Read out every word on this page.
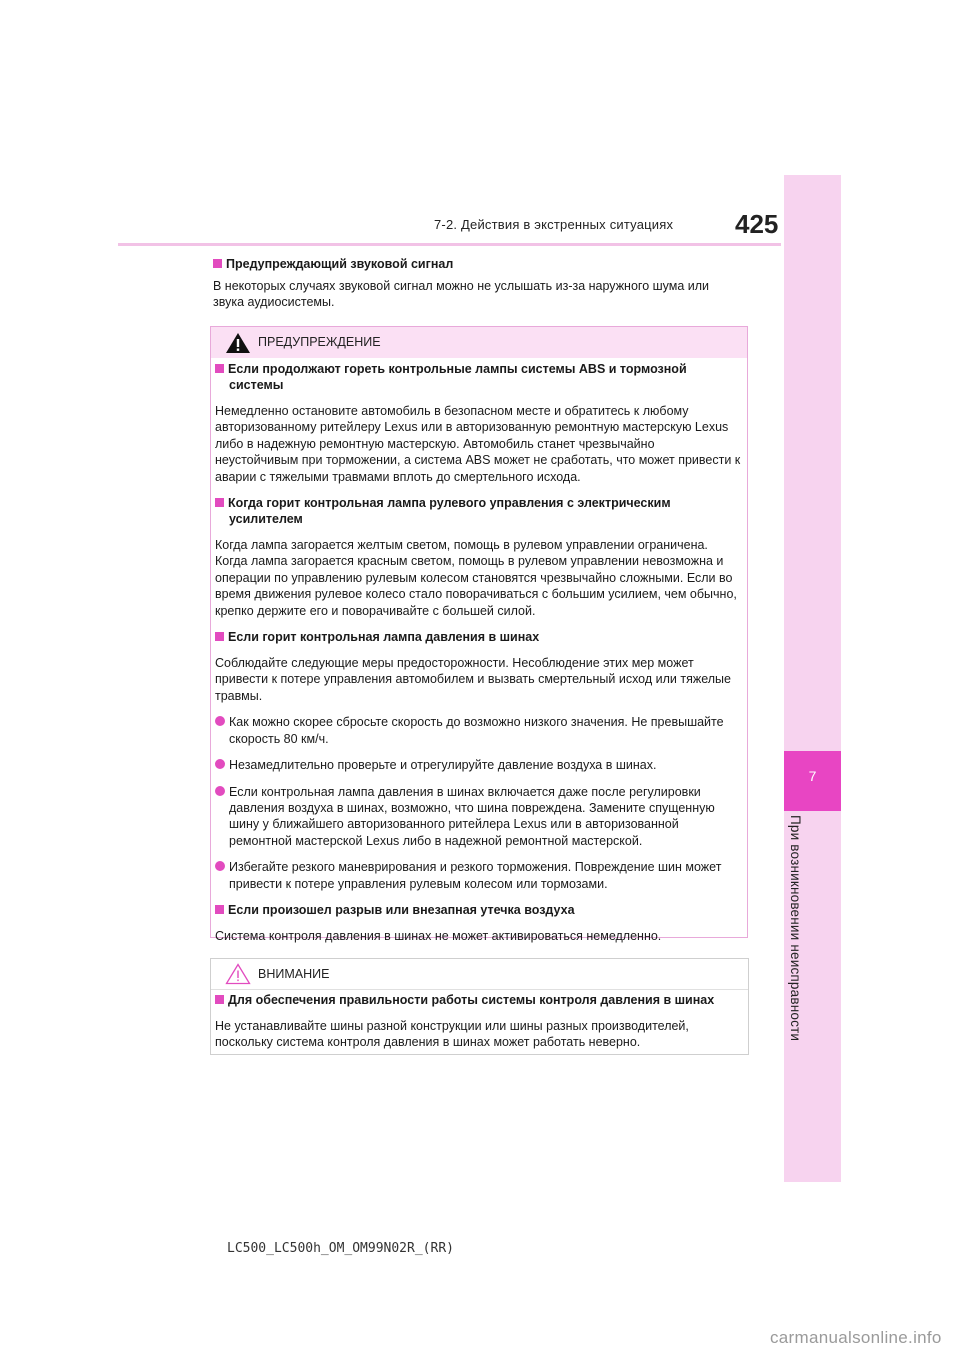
7-2. Действия в экстренных ситуациях 425
7
При возникновении неисправности
Предупреждающий звуковой сигнал
В некоторых случаях звуковой сигнал можно не услышать из-за наружного шума или звука аудиосистемы.
ПРЕДУПРЕЖДЕНИЕ
Если продолжают гореть контрольные лампы системы ABS и тормозной системы
Немедленно остановите автомобиль в безопасном месте и обратитесь к любому авторизованному ритейлеру Lexus или в авторизованную ремонтную мастерскую Lexus либо в надежную ремонтную мастерскую. Автомобиль станет чрезвычайно неустойчивым при торможении, а система ABS может не сработать, что может привести к аварии с тяжелыми травмами вплоть до смертельного исхода.
Когда горит контрольная лампа рулевого управления с электрическим усилителем
Когда лампа загорается желтым светом, помощь в рулевом управлении ограничена. Когда лампа загорается красным светом, помощь в рулевом управлении невозможна и операции по управлению рулевым колесом становятся чрезвычайно сложными. Если во время движения рулевое колесо стало поворачиваться с большим усилием, чем обычно, крепко держите его и поворачивайте с большей силой.
Если горит контрольная лампа давления в шинах
Соблюдайте следующие меры предосторожности. Несоблюдение этих мер может привести к потере управления автомобилем и вызвать смертельный исход или тяжелые травмы.
Как можно скорее сбросьте скорость до возможно низкого значения. Не превышайте скорость 80 км/ч.
Незамедлительно проверьте и отрегулируйте давление воздуха в шинах.
Если контрольная лампа давления в шинах включается даже после регулировки давления воздуха в шинах, возможно, что шина повреждена. Замените спущенную шину у ближайшего авторизованного ритейлера Lexus или в авторизованной ремонтной мастерской Lexus либо в надежной ремонтной мастерской.
Избегайте резкого маневрирования и резкого торможения. Повреждение шин может привести к потере управления рулевым колесом или тормозами.
Если произошел разрыв или внезапная утечка воздуха
Система контроля давления в шинах не может активироваться немедленно.
ВНИМАНИЕ
Для обеспечения правильности работы системы контроля давления в шинах
Не устанавливайте шины разной конструкции или шины разных производителей, поскольку система контроля давления в шинах может работать неверно.
LC500_LC500h_OM_OM99N02R_(RR)
carmanualsonline.info
